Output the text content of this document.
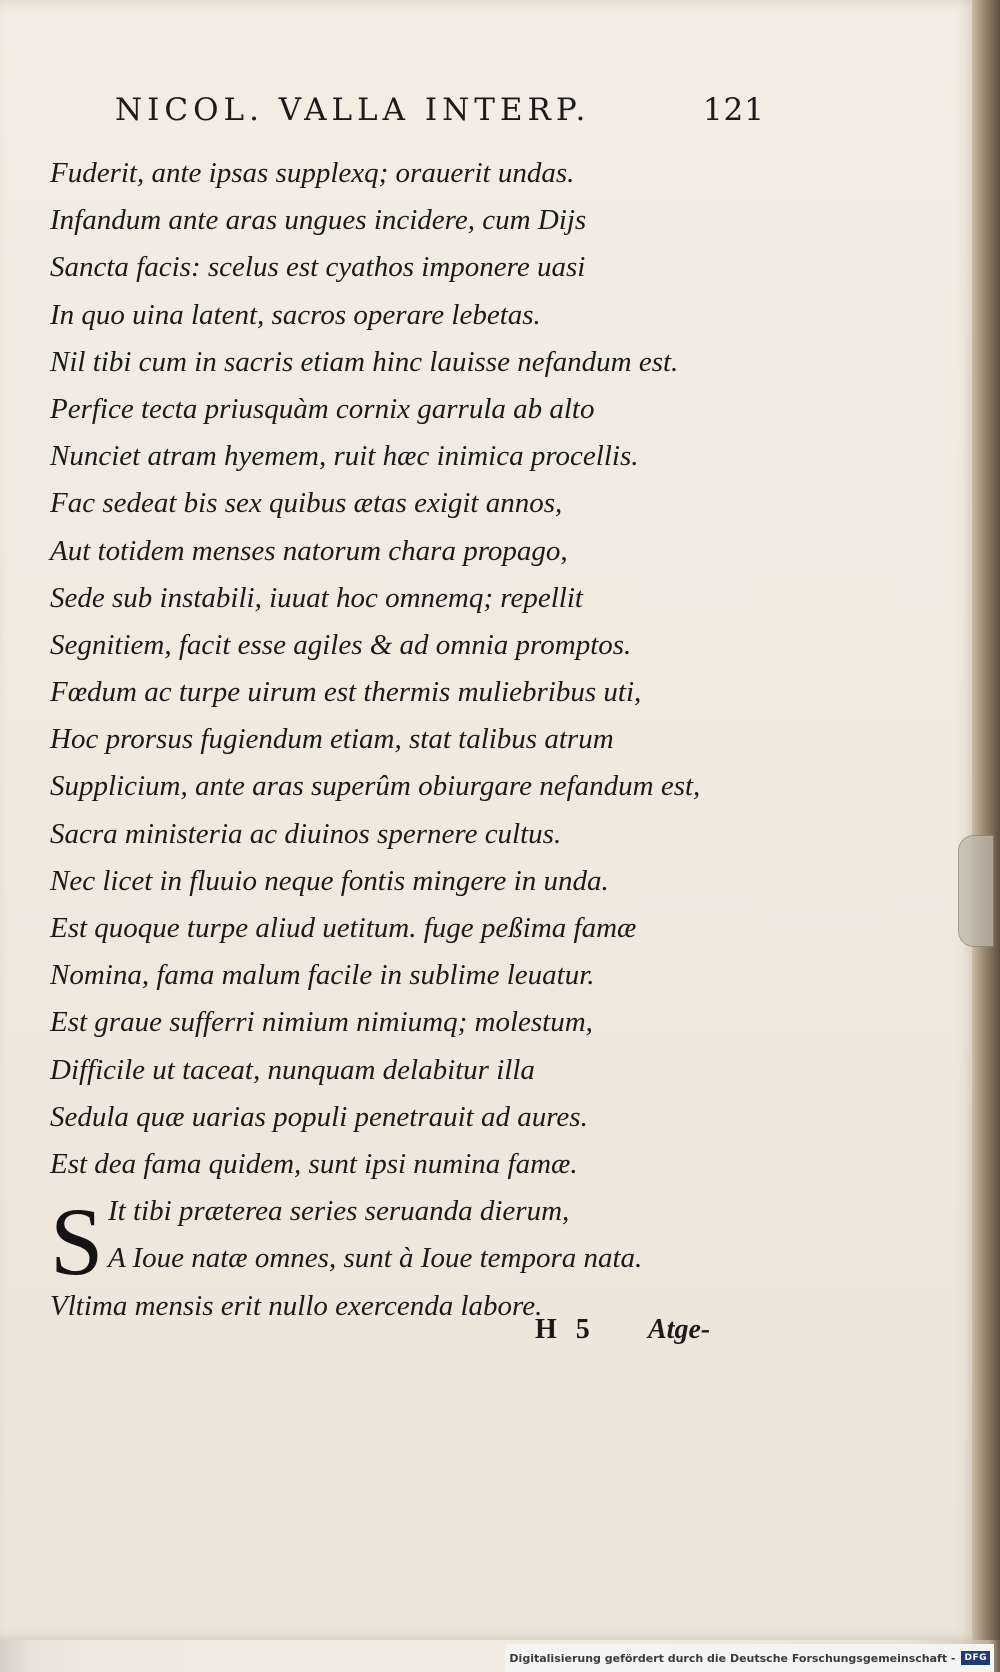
NICOL. VALLA INTERP.	121
Fuderit, ante ipsas supplexq; orauerit undas.
Infandum ante aras ungues incidere, cum Dijs
Sancta facis: scelus est cyathos imponere uasi
In quo uina latent, sacros operare lebetas.
Nil tibi cum in sacris etiam hinc lauisse nefandum est.
Perfice tecta priusquàm cornix garrula ab alto
Nunciet atram hyemem, ruit hæc inimica procellis.
Fac sedeat bis sex quibus ætas exigit annos,
Aut totidem menses natorum chara propago,
Sede sub instabili, iuuat hoc omnemq; repellit
Segnitiem, facit esse agiles & ad omnia promptos.
Fœdum ac turpe uirum est thermis muliebribus uti,
Hoc prorsus fugiendum etiam, stat talibus atrum
Supplicium, ante aras superûm obiurgare nefandum est,
Sacra ministeria ac diuinos spernere cultus.
Nec licet in fluuio neque fontis mingere in unda.
Est quoque turpe aliud uetitum. fuge peßima famæ
Nomina, fama malum facile in sublime leuatur.
Est graue sufferri nimium nimiumq; molestum,
Difficile ut taceat, nunquam delabitur illa
Sedula quæ uarias populi penetrauit ad aures.
Est dea fama quidem, sunt ipsi numina famæ.
S It tibi præterea series seruanda dierum,
A Ioue natæ omnes, sunt à Ioue tempora nata.
Vltima mensis erit nullo exercenda labore.
H 5 Atge-
Digitalisierung gefördert durch die Deutsche Forschungsgemeinschaft -	DFG
